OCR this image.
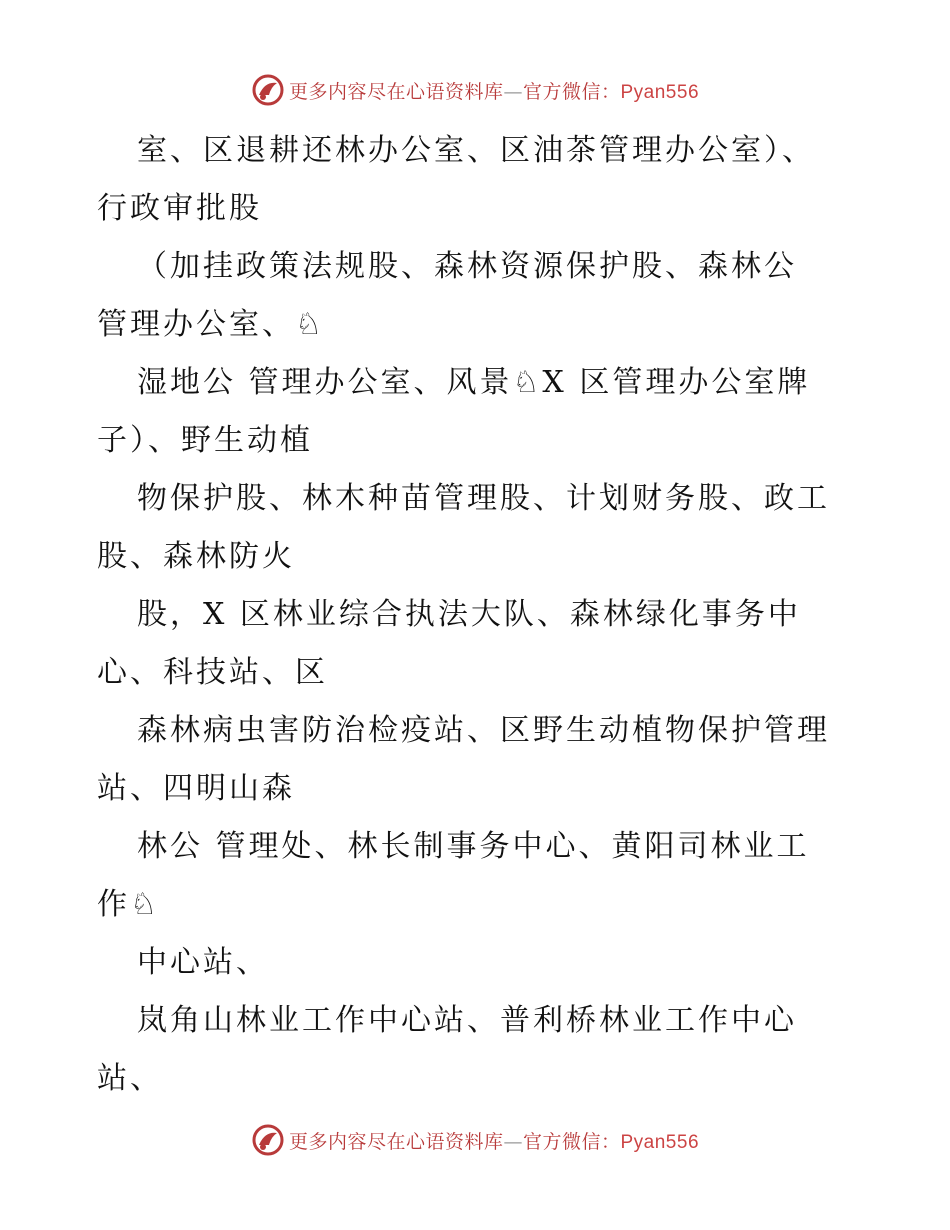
更多内容尽在心语资料库—官方微信：Pyan556
室、区退耕还林办公室、区油茶管理办公室）、
行政审批股
（加挂政策法规股、森林资源保护股、森林公
管理办公室、♘
湿地公 管理办公室、风景♘X 区管理办公室牌
子）、野生动植
物保护股、林木种苗管理股、计划财务股、政工
股、森林防火
股，X 区林业综合执法大队、森林绿化事务中
心、科技站、区
森林病虫害防治检疫站、区野生动植物保护管理
站、四明山森
林公 管理处、林长制事务中心、黄阳司林业工
作♘
中心站、
岚角山林业工作中心站、普利桥林业工作中心
站、
更多内容尽在心语资料库—官方微信：Pyan556
